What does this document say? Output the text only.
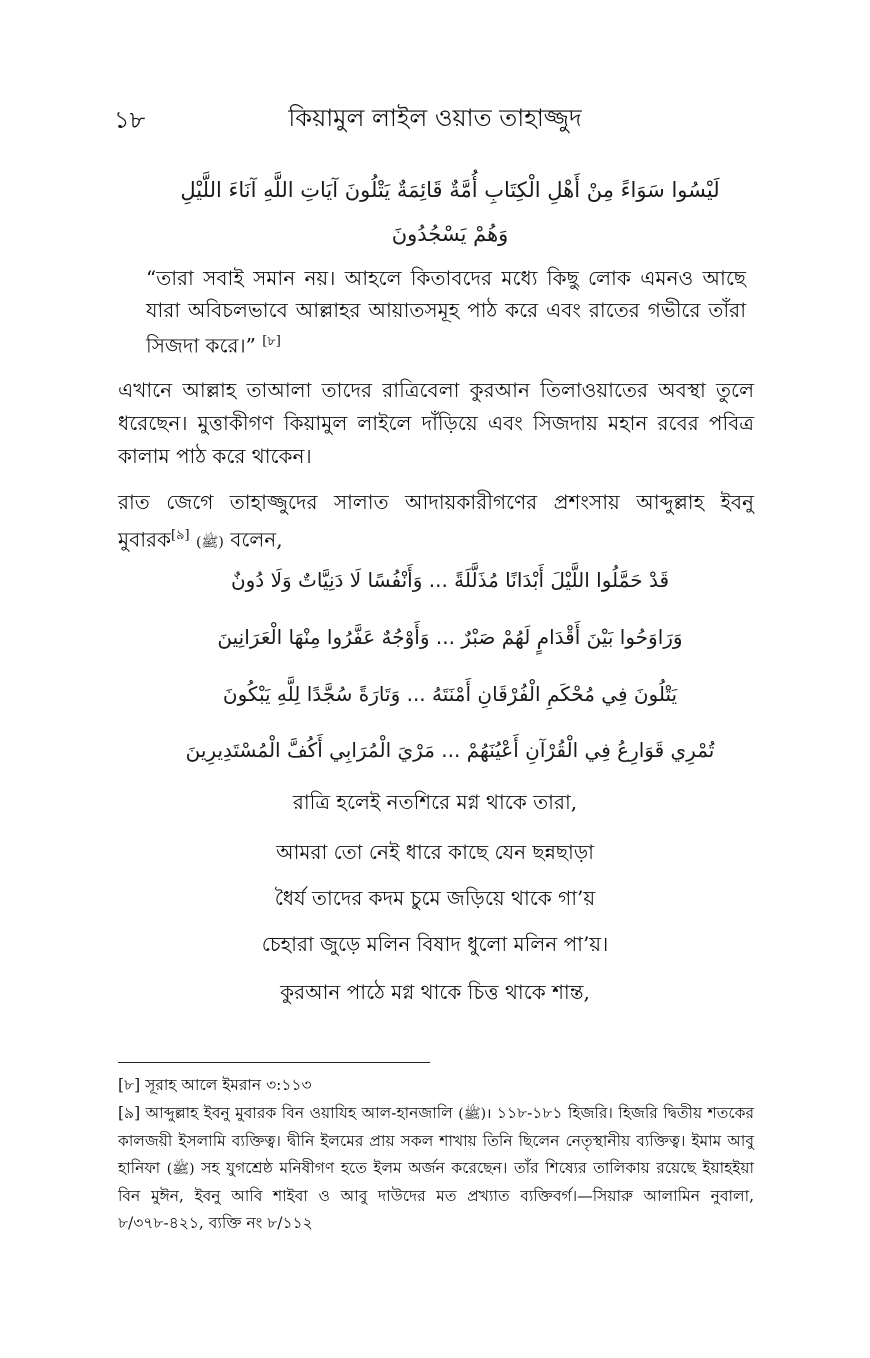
১৮	কিয়ামুল লাইল ওয়াত তাহাজ্জুদ
لَيْسُوا سَوَاءً مِنْ أَهْلِ الْكِتَابِ أُمَّةٌ قَائِمَةٌ يَتْلُونَ آيَاتِ اللَّهِ آنَاءَ اللَّيْلِ وَهُمْ يَسْجُدُونَ
“তারা সবাই সমান নয়। আহলে কিতাবদের মধ্যে কিছু লোক এমনও আছে যারা অবিচলভাবে আল্লাহর আয়াতসমূহ পাঠ করে এবং রাতের গভীরে তাঁরা সিজদা করে।” [৮]
এখানে আল্লাহ তাআলা তাদের রাত্রিবেলা কুরআন তিলাওয়াতের অবস্থা তুলে ধরেছেন। মুত্তাকীগণ কিয়ামুল লাইলে দাঁড়িয়ে এবং সিজদায় মহান রবের পবিত্র কালাম পাঠ করে থাকেন।
রাত জেগে তাহাজ্জুদের সালাত আদায়কারীগণের প্রশংসায় আব্দুল্লাহ ইবনু মুবারক[৯] (ﷺ) বলেন,
قَدْ حَمَّلُوا اللَّيْلَ أَبْدَانًا مُذَلَّلَةً ... وَأَنْفُسًا لَا دَنِيَّاتٌ وَلَا دُونٌ
وَرَاوَحُوا بَيْنَ أَقْدَامٍ لَهُمْ صَبْرٌ ... وَأَوْجُهٌ عَفَّرُوا مِنْهَا الْعَرَانِينَ
يَتْلُونَ فِي مُحْكَمِ الْفُرْقَانِ أَمْنَتَهُ ... وَتَارَةً سُجَّدًا لِلَّهِ يَبْكُونَ
تُمْرِي قَوَارِعُ فِي الْقُرْآنِ أَعْيُنَهُمْ ... مَرْيَ الْمُرَابِي أَكُفَّ الْمُسْتَدِيرِينَ
রাত্রি হলেই নতশিরে মগ্ন থাকে তারা,
আমরা তো নেই ধারে কাছে যেন ছন্নছাড়া
ধৈর্য তাদের কদম চুমে জড়িয়ে থাকে গা’য়
চেহারা জুড়ে মলিন বিষাদ ধুলো মলিন পা’য়।
কুরআন পাঠে মগ্ন থাকে চিত্ত থাকে শান্ত,
[৮] সূরাহ আলে ইমরান ৩:১১৩
[৯] আব্দুল্লাহ ইবনু মুবারক বিন ওয়াযিহ আল-হানজালি (ﷺ)। ১১৮-১৮১ হিজরি। হিজরি দ্বিতীয় শতকের কালজয়ী ইসলামি ব্যক্তিত্ব। দ্বীনি ইলমের প্রায় সকল শাখায় তিনি ছিলেন নেতৃস্থানীয় ব্যক্তিত্ব। ইমাম আবু হানিফা (ﷺ) সহ যুগশ্রেষ্ঠ মনিষীগণ হতে ইলম অর্জন করেছেন। তাঁর শিষ্যের তালিকায় রয়েছে ইয়াহইয়া বিন মুঈন, ইবনু আবি শাইবা ও আবু দাউদের মত প্রখ্যাত ব্যক্তিবর্গ।—সিয়ারু আলামিন নুবালা, ৮/৩৭৮-৪২১, ব্যক্তি নং ৮/১১২
